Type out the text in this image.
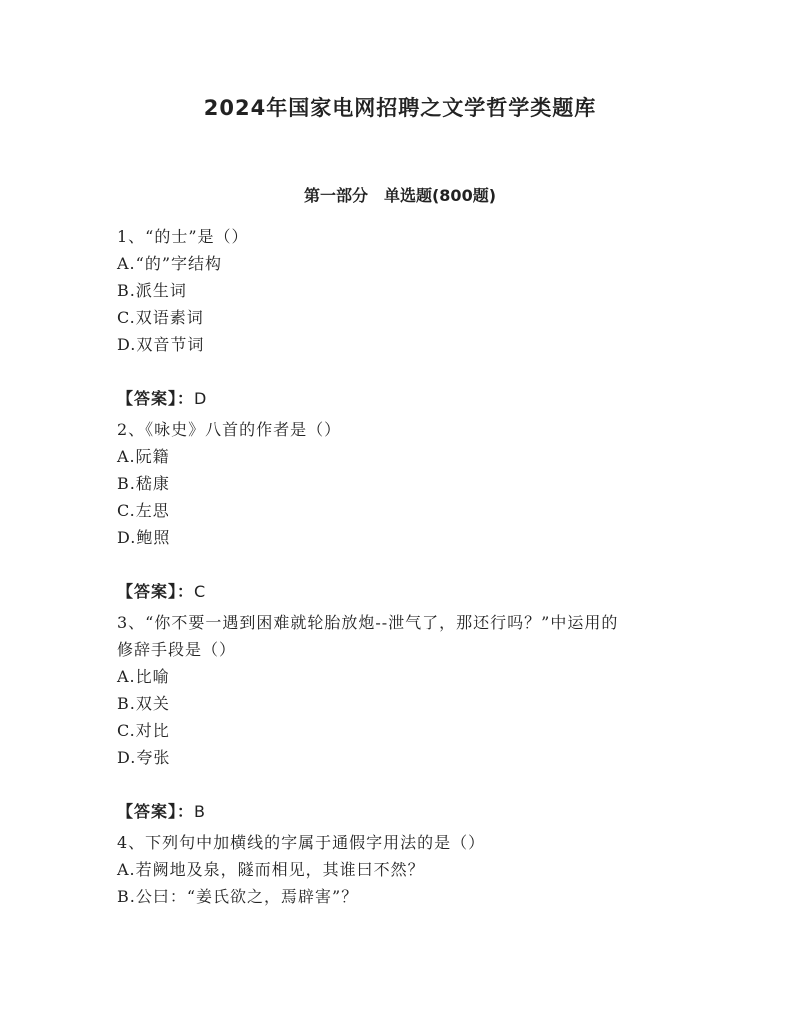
2024年国家电网招聘之文学哲学类题库
第一部分　单选题(800题)
1、“的士”是（）
A.“的”字结构
B.派生词
C.双语素词
D.双音节词
【答案】：D
2、《咏史》八首的作者是（）
A.阮籍
B.嵇康
C.左思
D.鲍照
【答案】：C
3、“你不要一遇到困难就轮胎放炮--泄气了，那还行吗？”中运用的
修辞手段是（）
A.比喻
B.双关
C.对比
D.夸张
【答案】：B
4、下列句中加横线的字属于通假字用法的是（）
A.若阙地及泉，隧而相见，其谁曰不然？
B.公曰：“姜氏欲之，焉辟害”？
